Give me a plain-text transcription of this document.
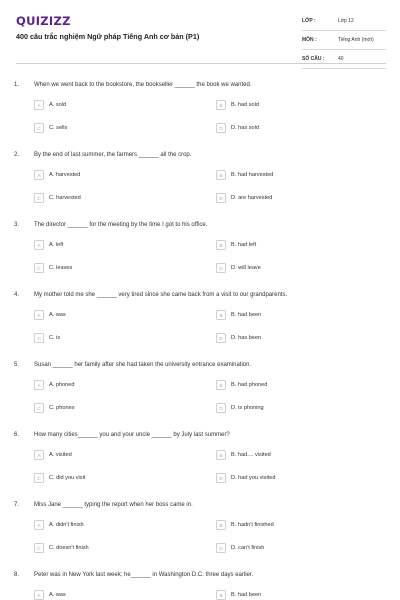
QUIZIZZ
400 câu trắc nghiệm Ngữ pháp Tiếng Anh cơ bản (P1)
LỚP :	Lớp 12
MÔN :	Tiếng Anh (mới)
SỐ CÂU :	40
1.	When we went back to the bookstore, the bookseller ______ the book we wanted.
A	A. sold	B	B. had sold
C	C. sells	D	D. has sold
2.	By the end of last summer, the farmers ______ all the crop.
A	A. harvested	B	B. had harvested
C	C. harvested	D	D. are harvested
3.	The director ______ for the meeting by the time I got to his office.
A	A. left	B	B. had left
C	C. leaves	D	D. will leave
4.	My mother told me she ______ very tired since she came back from a visit to our grandparents.
A	A. was	B	B. had been
C	C. is	D	D. has been
5.	Susan ______ her family after she had taken the university entrance examination.
A	A. phoned	B	B. had phoned
C	C. phones	D	D. is phoning
6.	How many cities______ you and your uncle ______ by July last summer?
A	A. visited	B	B. had.... visited
C	C. did you visit	D	D. had you visited
7.	Miss Jane ______ typing the report when her boss came in.
A	A. didn't finish	B	B. hadn't finished
C	C. doesn't finish	D	D. can't finish
8.	Peter was in New York last week; he______ in Washington D.C. three days earlier.
A	A. was	B	B. had been
